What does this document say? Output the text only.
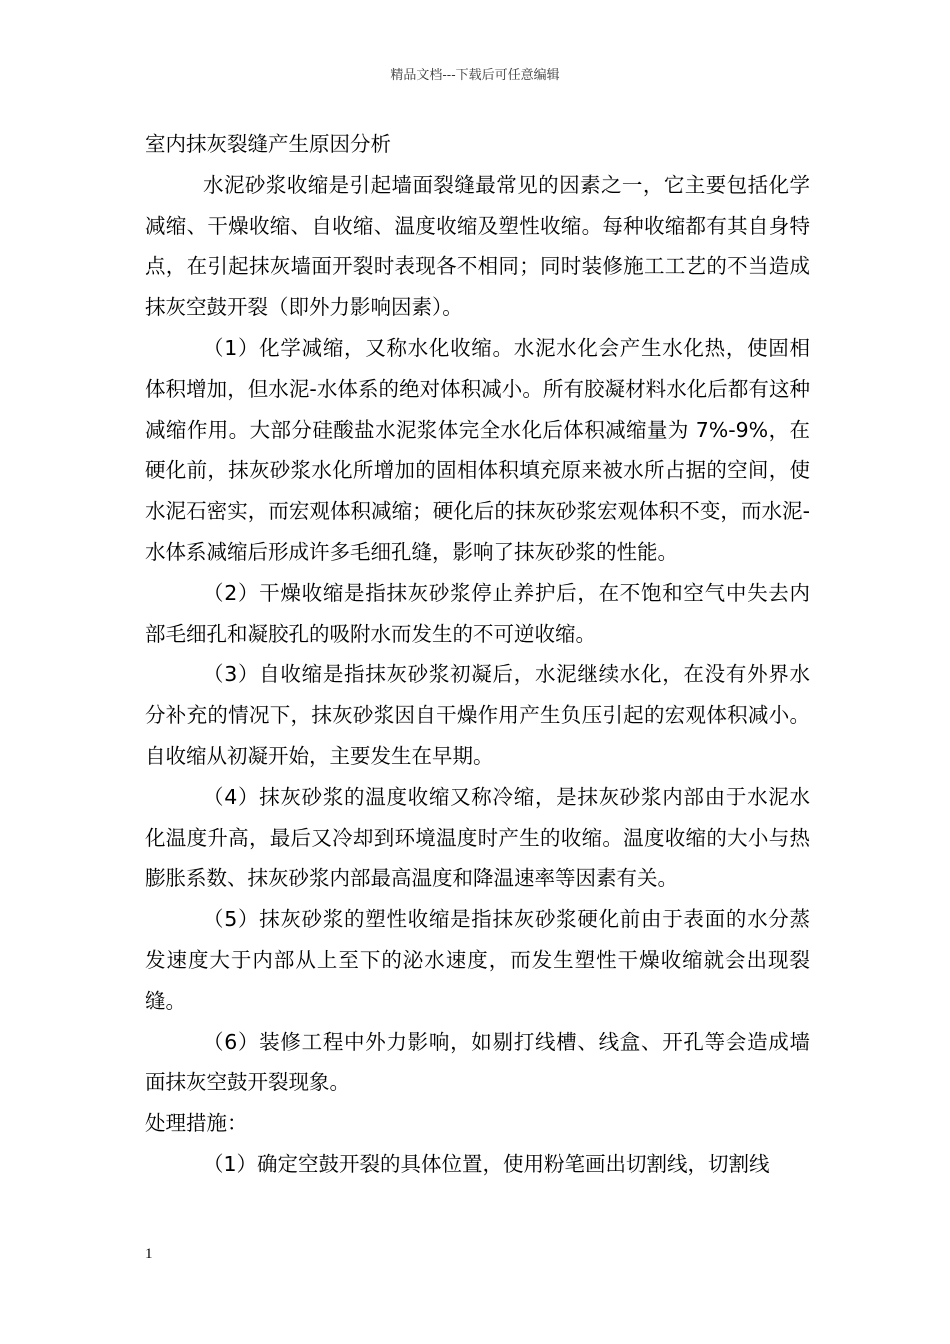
精品文档---下载后可任意编辑

室内抹灰裂缝产生原因分析

水泥砂浆收缩是引起墙面裂缝最常见的因素之一，它主要包括化学减缩、干燥收缩、自收缩、温度收缩及塑性收缩。每种收缩都有其自身特点，在引起抹灰墙面开裂时表现各不相同；同时装修施工工艺的不当造成抹灰空鼓开裂（即外力影响因素）。

（1）化学减缩，又称水化收缩。水泥水化会产生水化热，使固相体积增加，但水泥-水体系的绝对体积减小。所有胶凝材料水化后都有这种减缩作用。大部分硅酸盐水泥浆体完全水化后体积减缩量为 7%-9%，在硬化前，抹灰砂浆水化所增加的固相体积填充原来被水所占据的空间，使水泥石密实，而宏观体积减缩；硬化后的抹灰砂浆宏观体积不变，而水泥-水体系减缩后形成许多毛细孔缝，影响了抹灰砂浆的性能。

（2）干燥收缩是指抹灰砂浆停止养护后，在不饱和空气中失去内部毛细孔和凝胶孔的吸附水而发生的不可逆收缩。

（3）自收缩是指抹灰砂浆初凝后，水泥继续水化，在没有外界水分补充的情况下，抹灰砂浆因自干燥作用产生负压引起的宏观体积减小。自收缩从初凝开始，主要发生在早期。

（4）抹灰砂浆的温度收缩又称冷缩，是抹灰砂浆内部由于水泥水化温度升高，最后又冷却到环境温度时产生的收缩。温度收缩的大小与热膨胀系数、抹灰砂浆内部最高温度和降温速率等因素有关。

（5）抹灰砂浆的塑性收缩是指抹灰砂浆硬化前由于表面的水分蒸发速度大于内部从上至下的泌水速度，而发生塑性干燥收缩就会出现裂缝。

（6）装修工程中外力影响，如剔打线槽、线盒、开孔等会造成墙面抹灰空鼓开裂现象。

处理措施：

（1）确定空鼓开裂的具体位置，使用粉笔画出切割线，切割线

1
